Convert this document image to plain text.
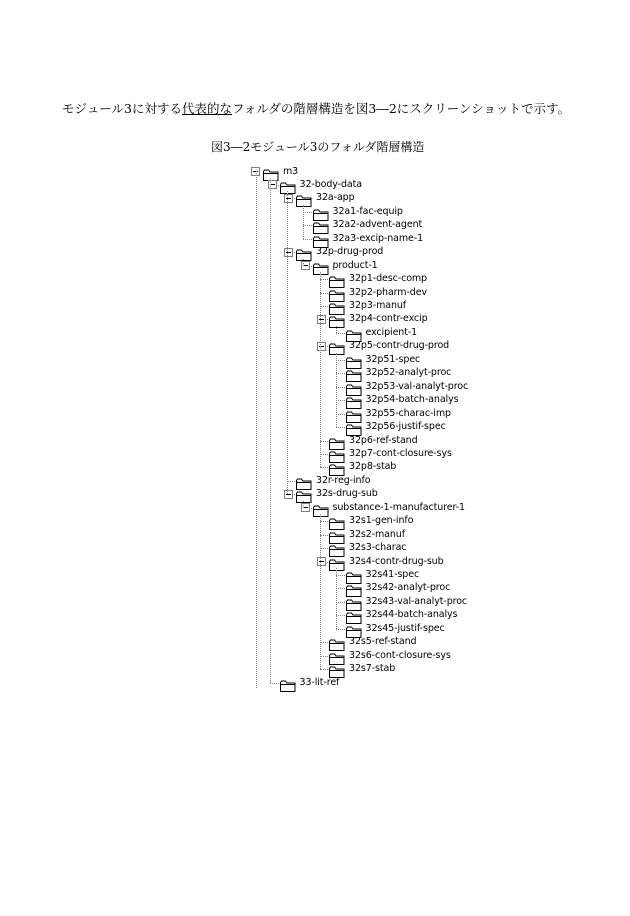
モジュール3に対する代表的なフォルダの階層構造を図3―2にスクリーンショットで示す。
図3―2モジュール3のフォルダ階層構造
m3
32-body-data
32a-app
32a1-fac-equip
32a2-advent-agent
32a3-excip-name-1
32p-drug-prod
product-1
32p1-desc-comp
32p2-pharm-dev
32p3-manuf
32p4-contr-excip
excipient-1
32p5-contr-drug-prod
32p51-spec
32p52-analyt-proc
32p53-val-analyt-proc
32p54-batch-analys
32p55-charac-imp
32p56-justif-spec
32p6-ref-stand
32p7-cont-closure-sys
32p8-stab
32r-reg-info
32s-drug-sub
substance-1-manufacturer-1
32s1-gen-info
32s2-manuf
32s3-charac
32s4-contr-drug-sub
32s41-spec
32s42-analyt-proc
32s43-val-analyt-proc
32s44-batch-analys
32s45-justif-spec
32s5-ref-stand
32s6-cont-closure-sys
32s7-stab
33-lit-ref
